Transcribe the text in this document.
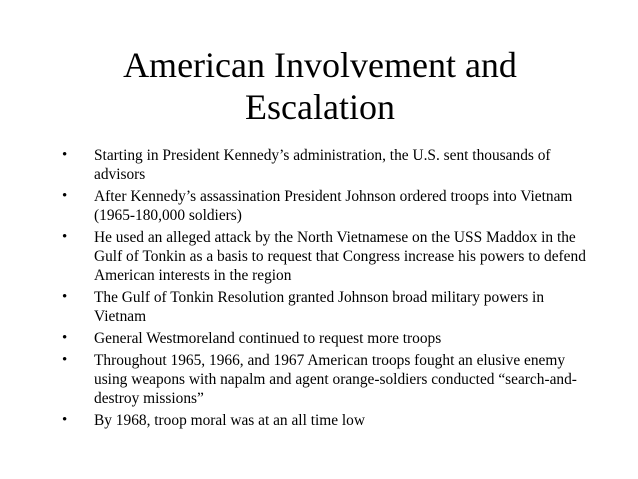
American Involvement and
Escalation
•	Starting in President Kennedy’s administration, the U.S. sent thousands of advisors
•	After Kennedy’s assassination President Johnson ordered troops into Vietnam (1965-180,000 soldiers)
•	He used an alleged attack by the North Vietnamese on the USS Maddox in the Gulf of Tonkin as a basis to request that Congress increase his powers to defend American interests in the region
•	The Gulf of Tonkin Resolution granted Johnson broad military powers in Vietnam
•	General Westmoreland continued to request more troops
•	Throughout 1965, 1966, and 1967 American troops fought an elusive enemy using weapons with napalm and agent orange-soldiers conducted “search-and-destroy missions”
•	By 1968, troop moral was at an all time low
